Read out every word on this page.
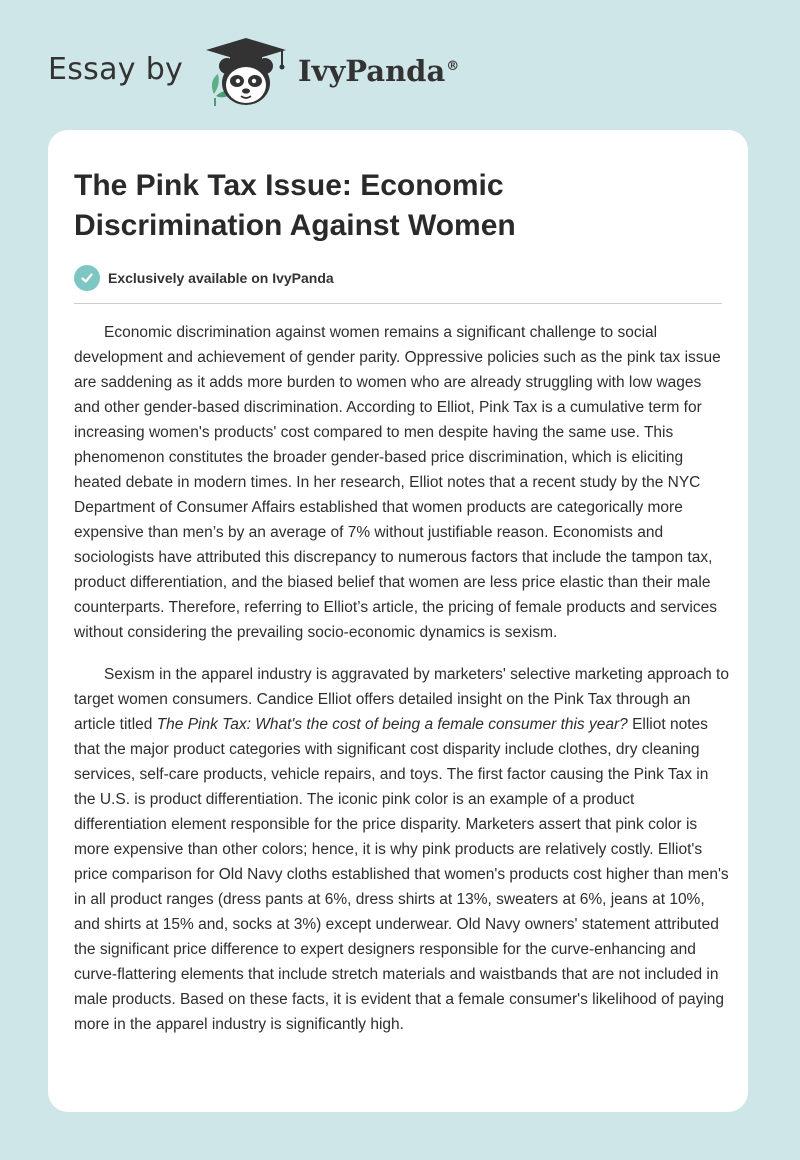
Essay by	IvyPanda®
The Pink Tax Issue: Economic Discrimination Against Women
Exclusively available on IvyPanda

Economic discrimination against women remains a significant challenge to social development and achievement of gender parity. Oppressive policies such as the pink tax issue are saddening as it adds more burden to women who are already struggling with low wages and other gender-based discrimination. According to Elliot, Pink Tax is a cumulative term for increasing women's products' cost compared to men despite having the same use. This phenomenon constitutes the broader gender-based price discrimination, which is eliciting heated debate in modern times. In her research, Elliot notes that a recent study by the NYC Department of Consumer Affairs established that women products are categorically more expensive than men’s by an average of 7% without justifiable reason. Economists and sociologists have attributed this discrepancy to numerous factors that include the tampon tax, product differentiation, and the biased belief that women are less price elastic than their male counterparts. Therefore, referring to Elliot’s article, the pricing of female products and services without considering the prevailing socio-economic dynamics is sexism.

Sexism in the apparel industry is aggravated by marketers' selective marketing approach to target women consumers. Candice Elliot offers detailed insight on the Pink Tax through an article titled The Pink Tax: What's the cost of being a female consumer this year? Elliot notes that the major product categories with significant cost disparity include clothes, dry cleaning services, self-care products, vehicle repairs, and toys. The first factor causing the Pink Tax in the U.S. is product differentiation. The iconic pink color is an example of a product differentiation element responsible for the price disparity. Marketers assert that pink color is more expensive than other colors; hence, it is why pink products are relatively costly. Elliot's price comparison for Old Navy cloths established that women's products cost higher than men's in all product ranges (dress pants at 6%, dress shirts at 13%, sweaters at 6%, jeans at 10%, and shirts at 15% and, socks at 3%) except underwear. Old Navy owners' statement attributed the significant price difference to expert designers responsible for the curve-enhancing and curve-flattering elements that include stretch materials and waistbands that are not included in male products. Based on these facts, it is evident that a female consumer's likelihood of paying more in the apparel industry is significantly high.
